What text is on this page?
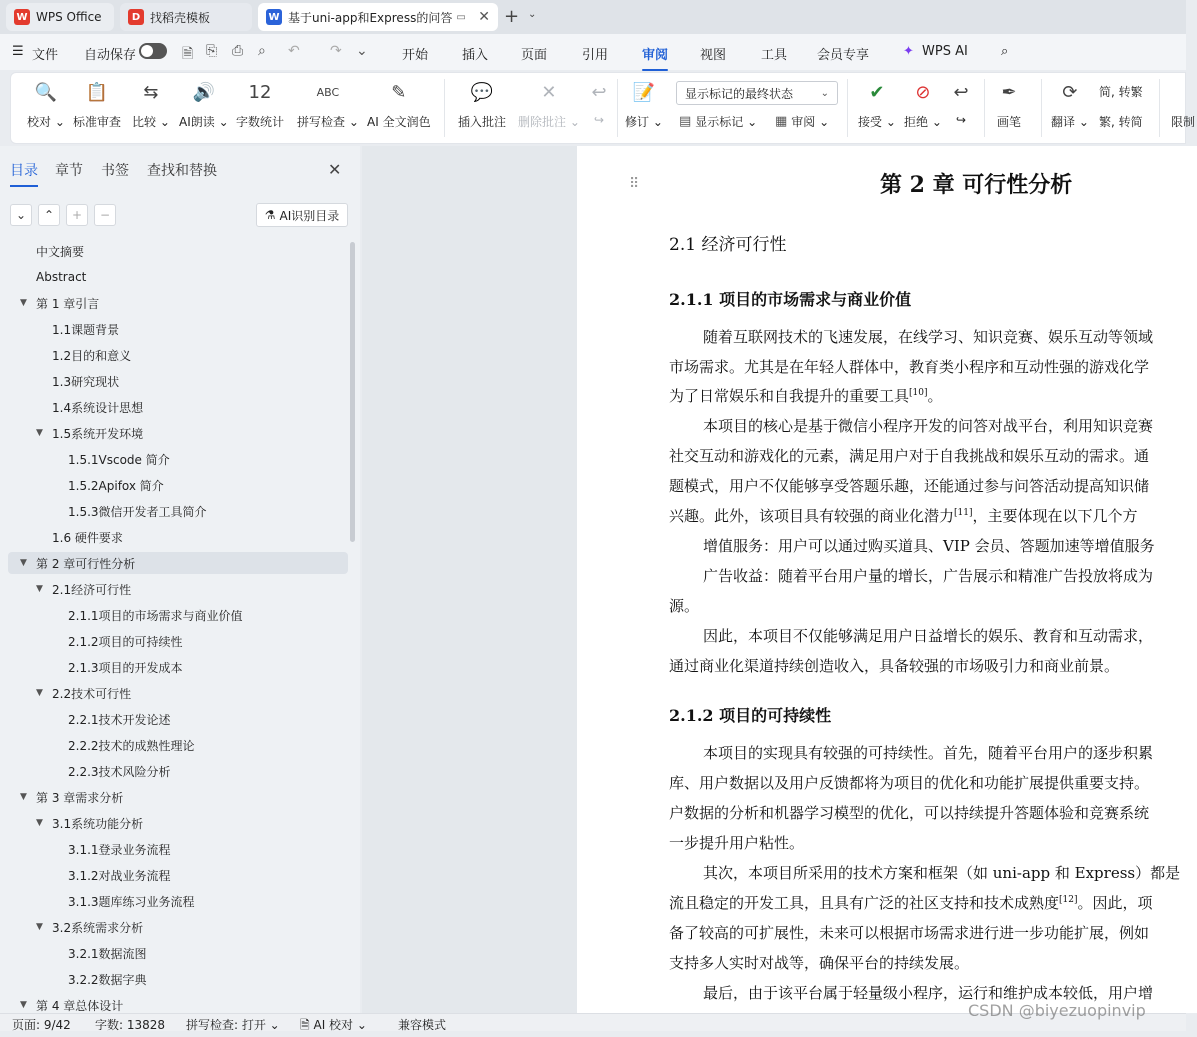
W WPS Office	D 找稻壳模板	W 基于uni-app和Express的问答 ▭ ✕ + ⌄
☰ 文件 自动保存	🗎 ⎘ ⎙ ⌕ ↶ ↷ ⌄	开始	插入	页面	引用	审阅 视图	工具 会员专享	✦ WPS AI	⌕
🔍
校对 ⌄
📋
标准审查
⇆
比较 ⌄
🔊
AI朗读 ⌄
12
字数统计
ABC
拼写检查 ⌄
✎
AI 全文润色
💬
插入批注
✕
删除批注 ⌄
↩
↪
📝
修订 ⌄
显示标记的最终状态	⌄
▤ 显示标记 ⌄ ▦ 审阅 ⌄
✔
接受 ⌄
⊘
拒绝 ⌄
↩
↪
✒
画笔
⟳
翻译 ⌄
简, 转繁
繁, 转简 限制
目录 章节 书签 查找和替换	✕
⌄	⌃	+	−	⚗ AI识别目录
中文摘要
Abstract
▼ 第 1 章引言
1.1课题背景
1.2目的和意义
1.3研究现状
1.4系统设计思想
▼ 1.5系统开发环境
1.5.1Vscode 简介
1.5.2Apifox 简介
1.5.3微信开发者工具简介
1.6 硬件要求
▼ 第 2 章可行性分析
▼ 2.1经济可行性
2.1.1项目的市场需求与商业价值
2.1.2项目的可持续性
2.1.3项目的开发成本
▼ 2.2技术可行性
2.2.1技术开发论述
2.2.2技术的成熟性理论
2.2.3技术风险分析
▼ 第 3 章需求分析
▼ 3.1系统功能分析
3.1.1登录业务流程
3.1.2对战业务流程
3.1.3题库练习业务流程
▼ 3.2系统需求分析
3.2.1数据流图
3.2.2数据字典
▼ 第 4 章总体设计
⠿	第 2 章 可行性分析
2.1 经济可行性
2.1.1 项目的市场需求与商业价值
2.1.2 项目的可持续性
随着互联网技术的飞速发展，在线学习、知识竞赛、娱乐互动等领域
市场需求。尤其是在年轻人群体中，教育类小程序和互动性强的游戏化学
为了日常娱乐和自我提升的重要工具[10]。
本项目的核心是基于微信小程序开发的问答对战平台，利用知识竞赛
社交互动和游戏化的元素，满足用户对于自我挑战和娱乐互动的需求。通
题模式，用户不仅能够享受答题乐趣，还能通过参与问答活动提高知识储
兴趣。此外，该项目具有较强的商业化潜力[11]，主要体现在以下几个方
增值服务：用户可以通过购买道具、VIP 会员、答题加速等增值服务
广告收益：随着平台用户量的增长，广告展示和精准广告投放将成为
源。
因此，本项目不仅能够满足用户日益增长的娱乐、教育和互动需求，
通过商业化渠道持续创造收入，具备较强的市场吸引力和商业前景。
本项目的实现具有较强的可持续性。首先，随着平台用户的逐步积累
库、用户数据以及用户反馈都将为项目的优化和功能扩展提供重要支持。
户数据的分析和机器学习模型的优化，可以持续提升答题体验和竞赛系统
一步提升用户粘性。
其次，本项目所采用的技术方案和框架（如 uni-app 和 Express）都是
流且稳定的开发工具，且具有广泛的社区支持和技术成熟度[12]。因此，项
备了较高的可扩展性，未来可以根据市场需求进行进一步功能扩展，例如
支持多人实时对战等，确保平台的持续发展。
最后，由于该平台属于轻量级小程序，运行和维护成本较低，用户增
页面: 9/42 字数: 13828 拼写检查: 打开 ⌄ 🗎 AI 校对 ⌄	兼容模式
CSDN @biyezuopinvip
